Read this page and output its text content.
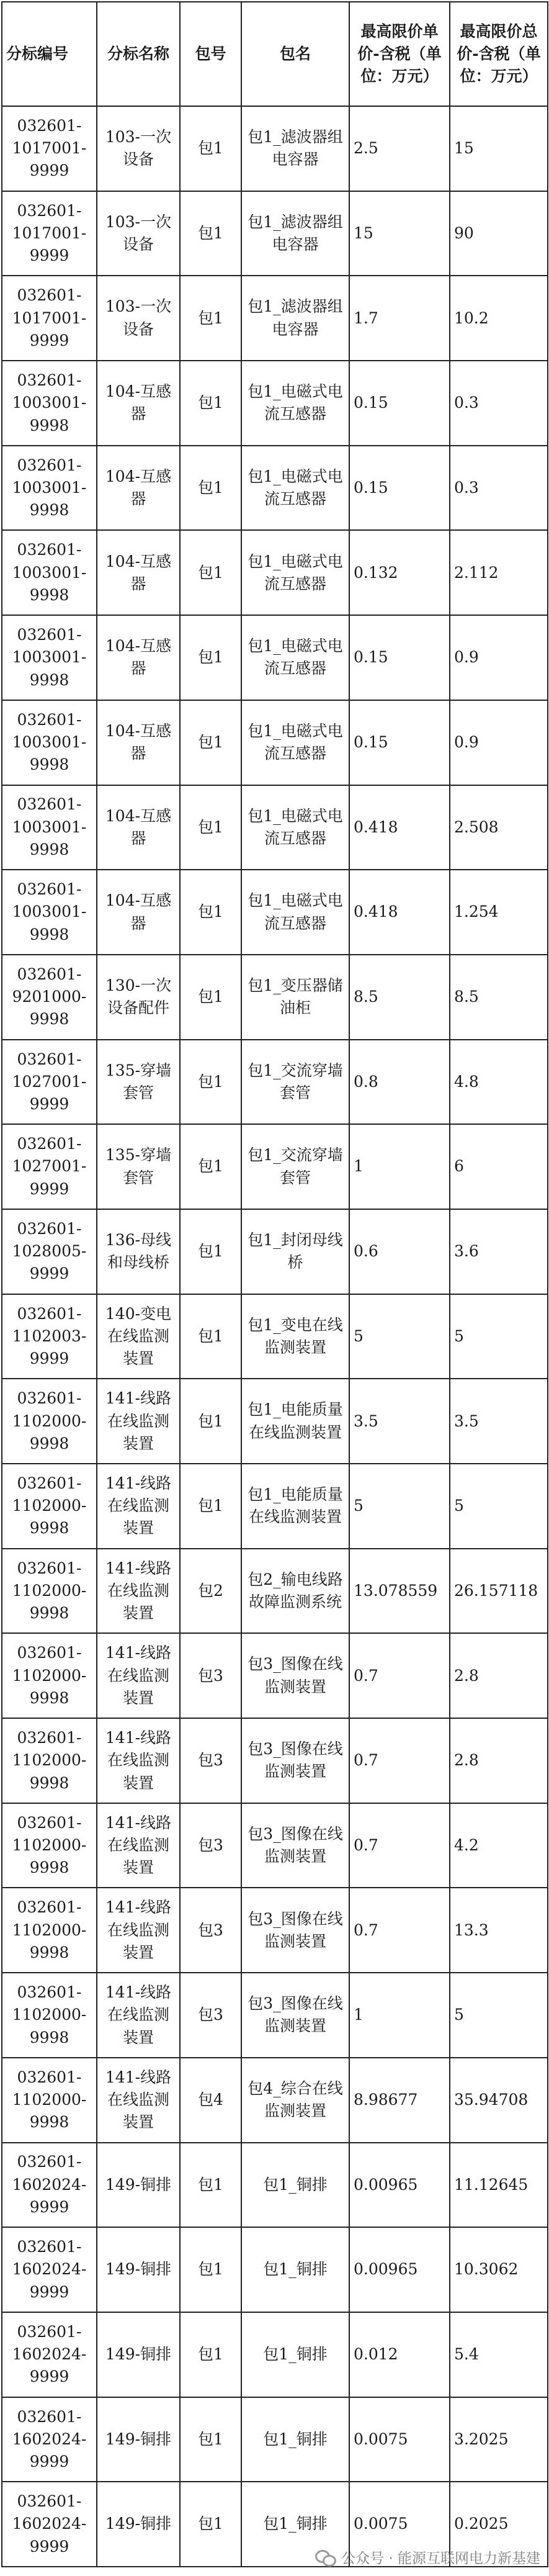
分标编号	分标名称	包号	包名	最高限价单价-含税（单位：万元）	最高限价总价-含税（单位：万元）
032601-1017001-9999	103-一次设备	包1	包1_滤波器组电容器	2.5	15
032601-1017001-9999	103-一次设备	包1	包1_滤波器组电容器	15	90
032601-1017001-9999	103-一次设备	包1	包1_滤波器组电容器	1.7	10.2
032601-1003001-9998	104-互感器	包1	包1_电磁式电流互感器	0.15	0.3
032601-1003001-9998	104-互感器	包1	包1_电磁式电流互感器	0.15	0.3
032601-1003001-9998	104-互感器	包1	包1_电磁式电流互感器	0.132	2.112
032601-1003001-9998	104-互感器	包1	包1_电磁式电流互感器	0.15	0.9
032601-1003001-9998	104-互感器	包1	包1_电磁式电流互感器	0.15	0.9
032601-1003001-9998	104-互感器	包1	包1_电磁式电流互感器	0.418	2.508
032601-1003001-9998	104-互感器	包1	包1_电磁式电流互感器	0.418	1.254
032601-9201000-9998	130-一次设备配件	包1	包1_变压器储油柜	8.5	8.5
032601-1027001-9999	135-穿墙套管	包1	包1_交流穿墙套管	0.8	4.8
032601-1027001-9999	135-穿墙套管	包1	包1_交流穿墙套管	1	6
032601-1028005-9999	136-母线和母线桥	包1	包1_封闭母线桥	0.6	3.6
032601-1102003-9999	140-变电在线监测装置	包1	包1_变电在线监测装置	5	5
032601-1102000-9998	141-线路在线监测装置	包1	包1_电能质量在线监测装置	3.5	3.5
032601-1102000-9998	141-线路在线监测装置	包1	包1_电能质量在线监测装置	5	5
032601-1102000-9998	141-线路在线监测装置	包2	包2_输电线路故障监测系统	13.078559	26.157118
032601-1102000-9998	141-线路在线监测装置	包3	包3_图像在线监测装置	0.7	2.8
032601-1102000-9998	141-线路在线监测装置	包3	包3_图像在线监测装置	0.7	2.8
032601-1102000-9998	141-线路在线监测装置	包3	包3_图像在线监测装置	0.7	4.2
032601-1102000-9998	141-线路在线监测装置	包3	包3_图像在线监测装置	0.7	13.3
032601-1102000-9998	141-线路在线监测装置	包3	包3_图像在线监测装置	1	5
032601-1102000-9998	141-线路在线监测装置	包4	包4_综合在线监测装置	8.98677	35.94708
032601-1602024-9999	149-铜排	包1	包1_铜排	0.00965	11.12645
032601-1602024-9999	149-铜排	包1	包1_铜排	0.00965	10.3062
032601-1602024-9999	149-铜排	包1	包1_铜排	0.012	5.4
032601-1602024-9999	149-铜排	包1	包1_铜排	0.0075	3.2025
032601-1602024-9999	149-铜排	包1	包1_铜排	0.0075	0.2025
公众号 · 能源互联网电力新基建
